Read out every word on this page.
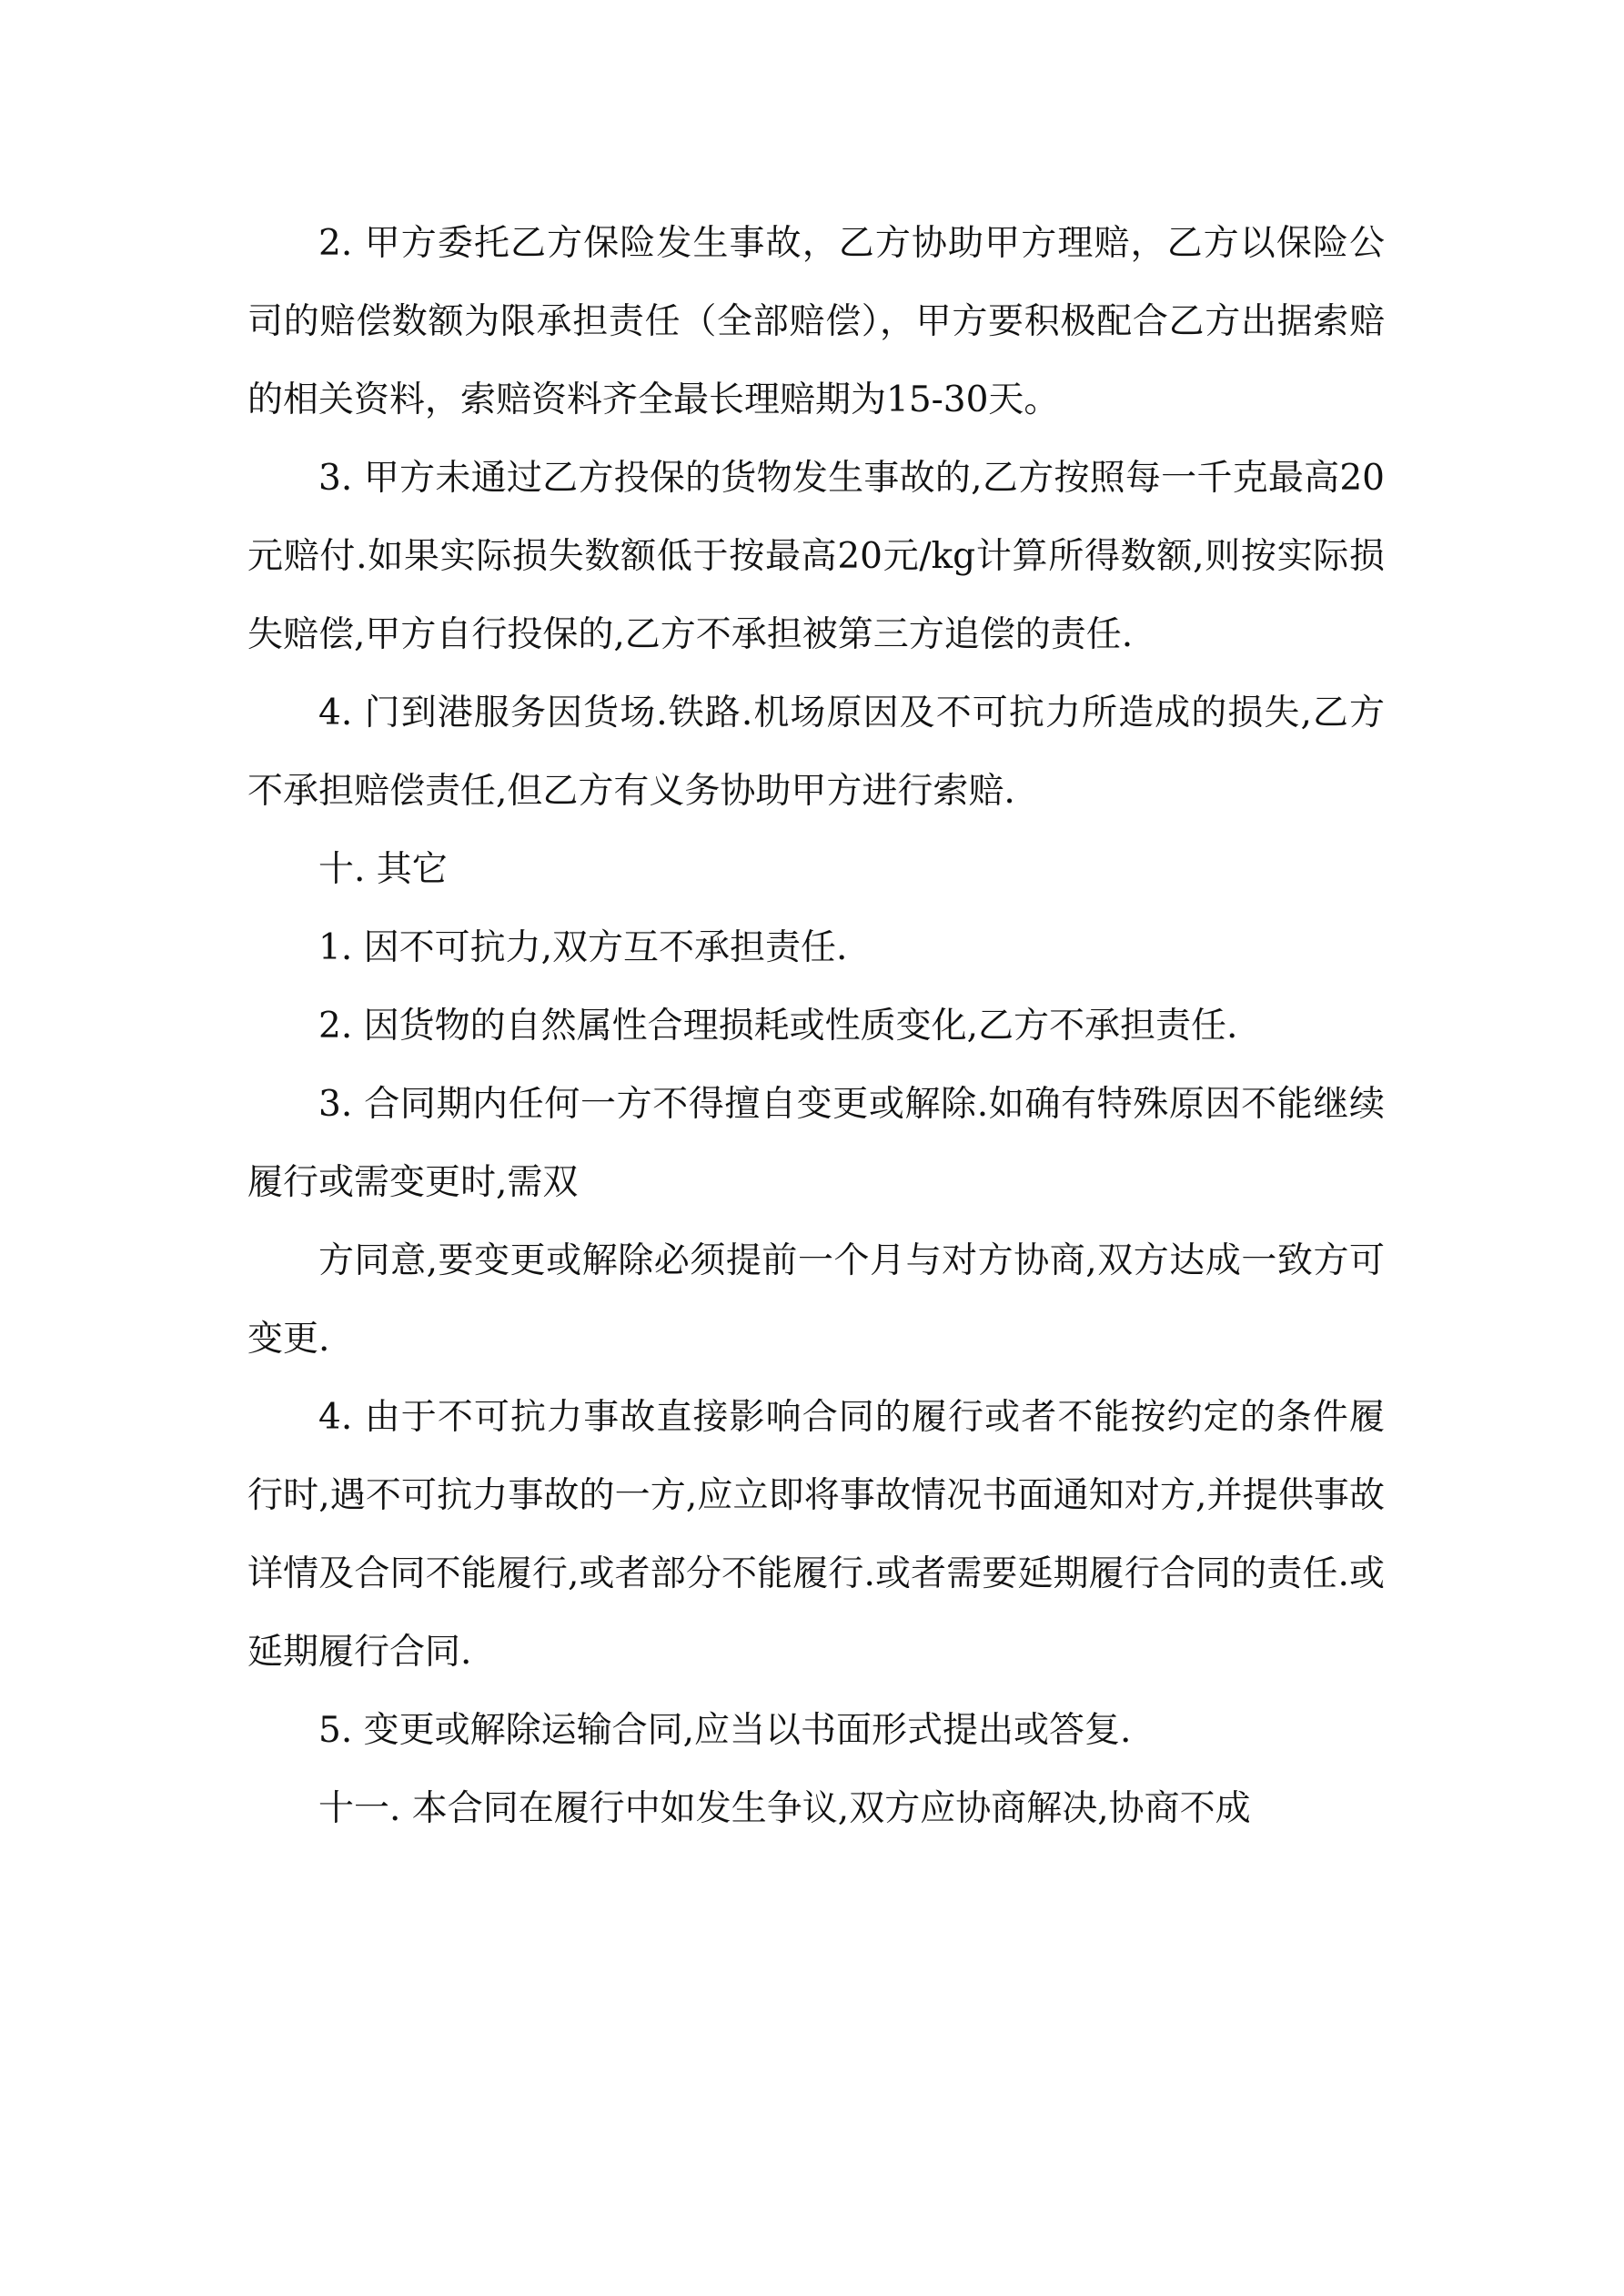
2. 甲方委托乙方保险发生事故，乙方协助甲方理赔，乙方以保险公司的赔偿数额为限承担责任（全部赔偿），甲方要积极配合乙方出据索赔的相关资料，索赔资料齐全最长理赔期为15-30天。

3. 甲方未通过乙方投保的货物发生事故的,乙方按照每一千克最高20元赔付.如果实际损失数额低于按最高20元/kg计算所得数额,则按实际损失赔偿,甲方自行投保的,乙方不承担被第三方追偿的责任.

4. 门到港服务因货场.铁路.机场原因及不可抗力所造成的损失,乙方不承担赔偿责任,但乙方有义务协助甲方进行索赔.

十. 其它

1. 因不可抗力,双方互不承担责任.

2. 因货物的自然属性合理损耗或性质变化,乙方不承担责任.

3. 合同期内任何一方不得擅自变更或解除.如确有特殊原因不能继续履行或需变更时,需双

方同意,要变更或解除必须提前一个月与对方协商,双方达成一致方可变更.

4. 由于不可抗力事故直接影响合同的履行或者不能按约定的条件履行时,遇不可抗力事故的一方,应立即将事故情况书面通知对方,并提供事故详情及合同不能履行,或者部分不能履行.或者需要延期履行合同的责任.或延期履行合同.

5. 变更或解除运输合同,应当以书面形式提出或答复.

十一. 本合同在履行中如发生争议,双方应协商解决,协商不成
